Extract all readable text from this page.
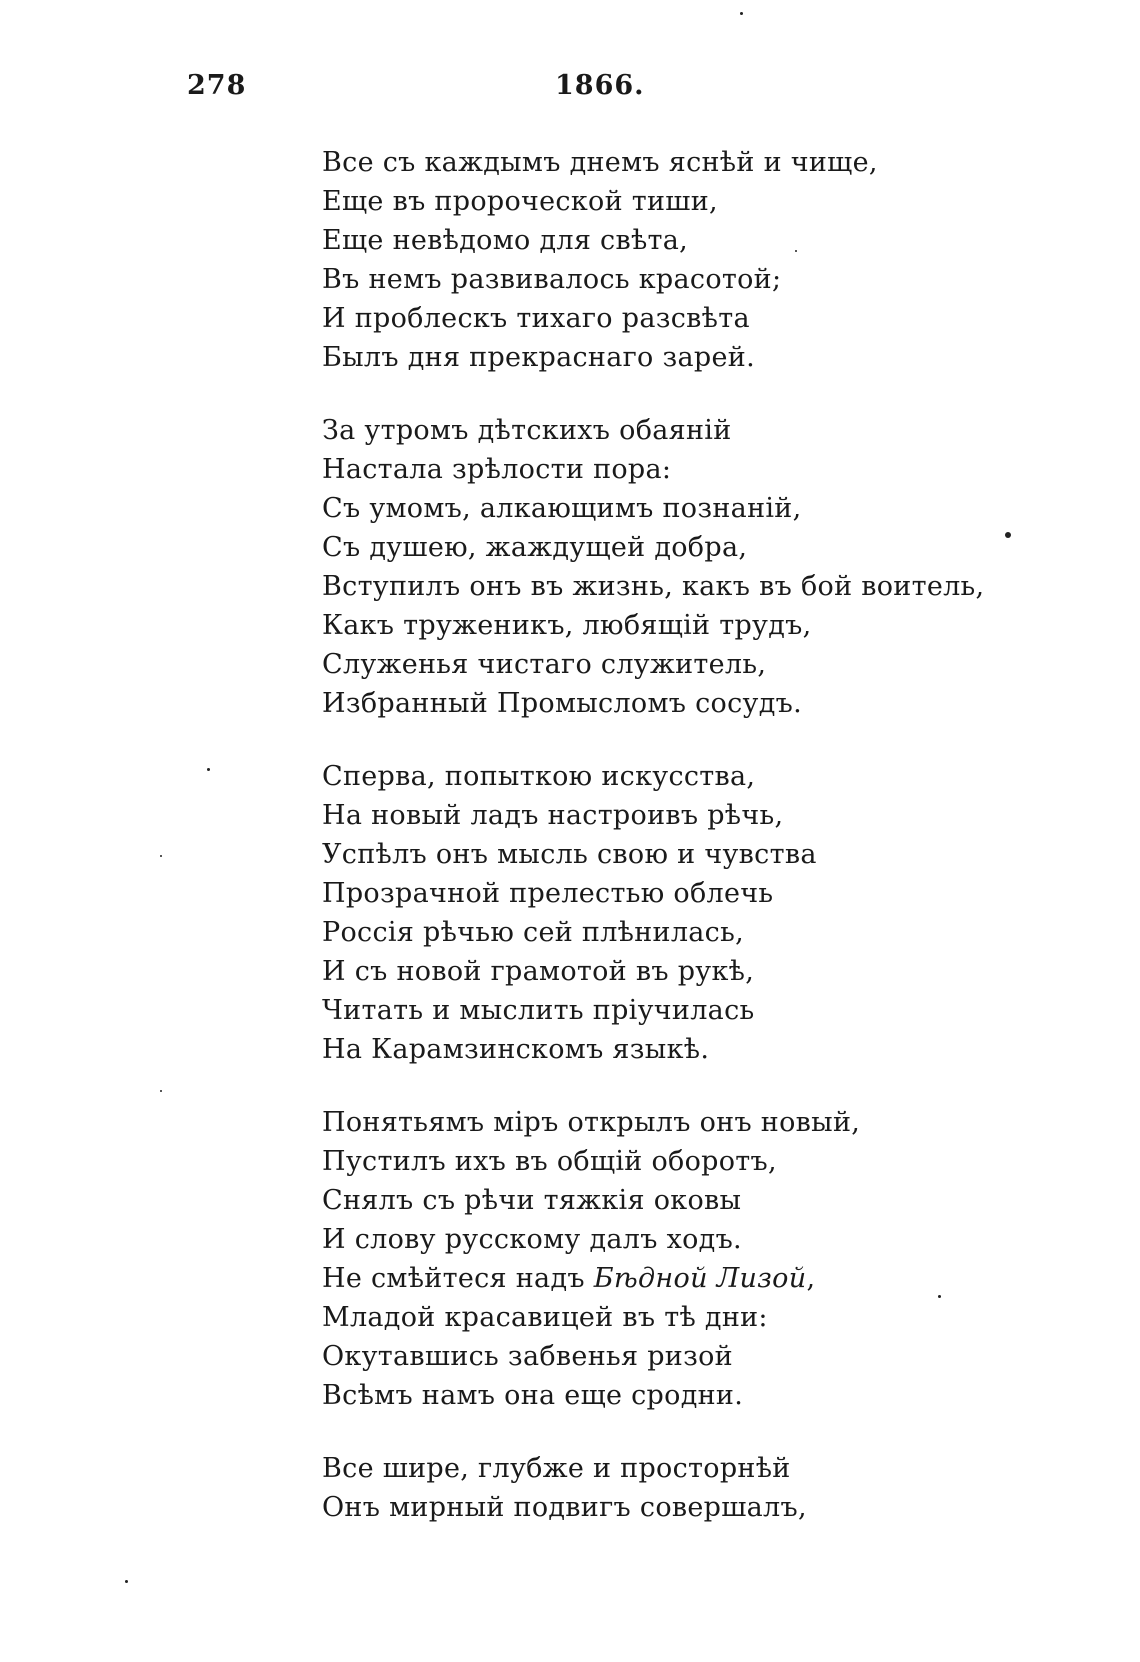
278	1866.
Все съ каждымъ днемъ яснѣй и чище,
Еще въ пророческой тиши,
Еще невѣдомо для свѣта,
Въ немъ развивалось красотой;
И проблескъ тихаго разсвѣта
Былъ дня прекраснаго зарей.
За утромъ дѣтскихъ обаяній
Настала зрѣлости пора:
Съ умомъ, алкающимъ познаній,
Съ душею, жаждущей добра,
Вступилъ онъ въ жизнь, какъ въ бой воитель,
Какъ труженикъ, любящій трудъ,
Служенья чистаго служитель,
Избранный Промысломъ сосудъ.
Сперва, попыткою искусства,
На новый ладъ настроивъ рѣчь,
Успѣлъ онъ мысль свою и чувства
Прозрачной прелестью облечь
Россія рѣчью сей плѣнилась,
И съ новой грамотой въ рукѣ,
Читать и мыслить пріучилась
На Карамзинскомъ языкѣ.
Понятьямъ міръ открылъ онъ новый,
Пустилъ ихъ въ общій оборотъ,
Снялъ съ рѣчи тяжкія оковы
И слову русскому далъ ходъ.
Не смѣйтеся надъ Бѣдной Лизой,
Младой красавицей въ тѣ дни:
Окутавшись забвенья ризой
Всѣмъ намъ она еще сродни.
Все шире, глубже и просторнѣй
Онъ мирный подвигъ совершалъ,
